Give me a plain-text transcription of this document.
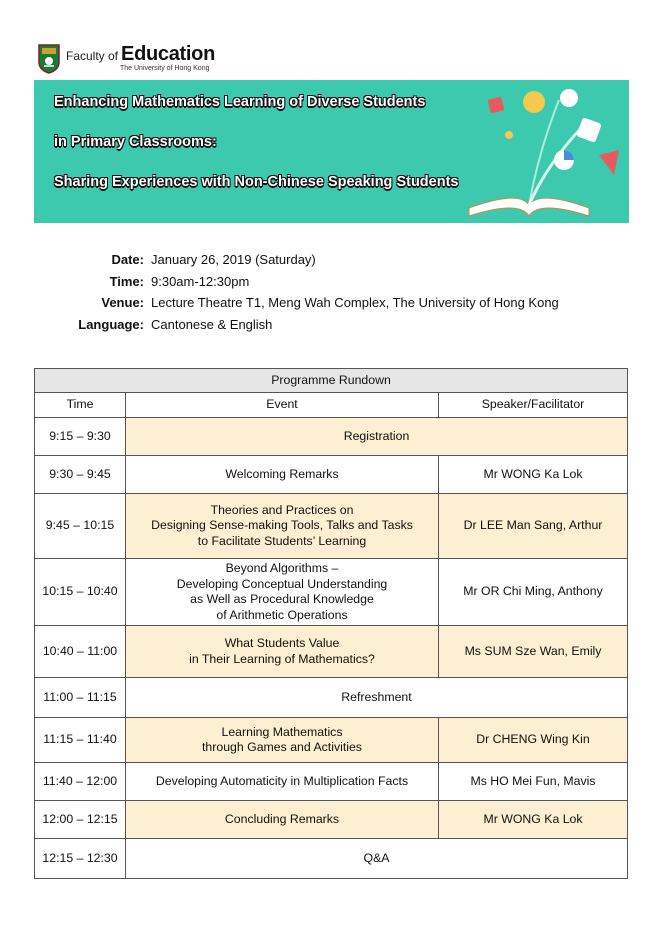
Faculty of Education
The University of Hong Kong
Enhancing Mathematics Learning of Diverse Students
in Primary Classrooms:
Sharing Experiences with Non-Chinese Speaking Students
Date: January 26, 2019 (Saturday)
Time: 9:30am-12:30pm
Venue: Lecture Theatre T1, Meng Wah Complex, The University of Hong Kong
Language: Cantonese & English
Programme Rundown		
Time	Event	Speaker/Facilitator
9:15 – 9:30	Registration	

9:30 – 9:45	Welcoming Remarks	Mr WONG Ka Lok
9:45 – 10:15	Theories and Practices on
Designing Sense-making Tools, Talks and Tasks
to Facilitate Students’ Learning	Dr LEE Man Sang, Arthur
10:15 – 10:40	Beyond Algorithms –
Developing Conceptual Understanding
as Well as Procedural Knowledge
of Arithmetic Operations	Mr OR Chi Ming, Anthony
10:40 – 11:00	What Students Value
in Their Learning of Mathematics?	Ms SUM Sze Wan, Emily
11:00 – 11:15	Refreshment	

11:15 – 11:40	Learning Mathematics
through Games and Activities	Dr CHENG Wing Kin
11:40 – 12:00	Developing Automaticity in Multiplication Facts	Ms HO Mei Fun, Mavis
12:00 – 12:15	Concluding Remarks	Mr WONG Ka Lok
12:15 – 12:30	Q&A	
